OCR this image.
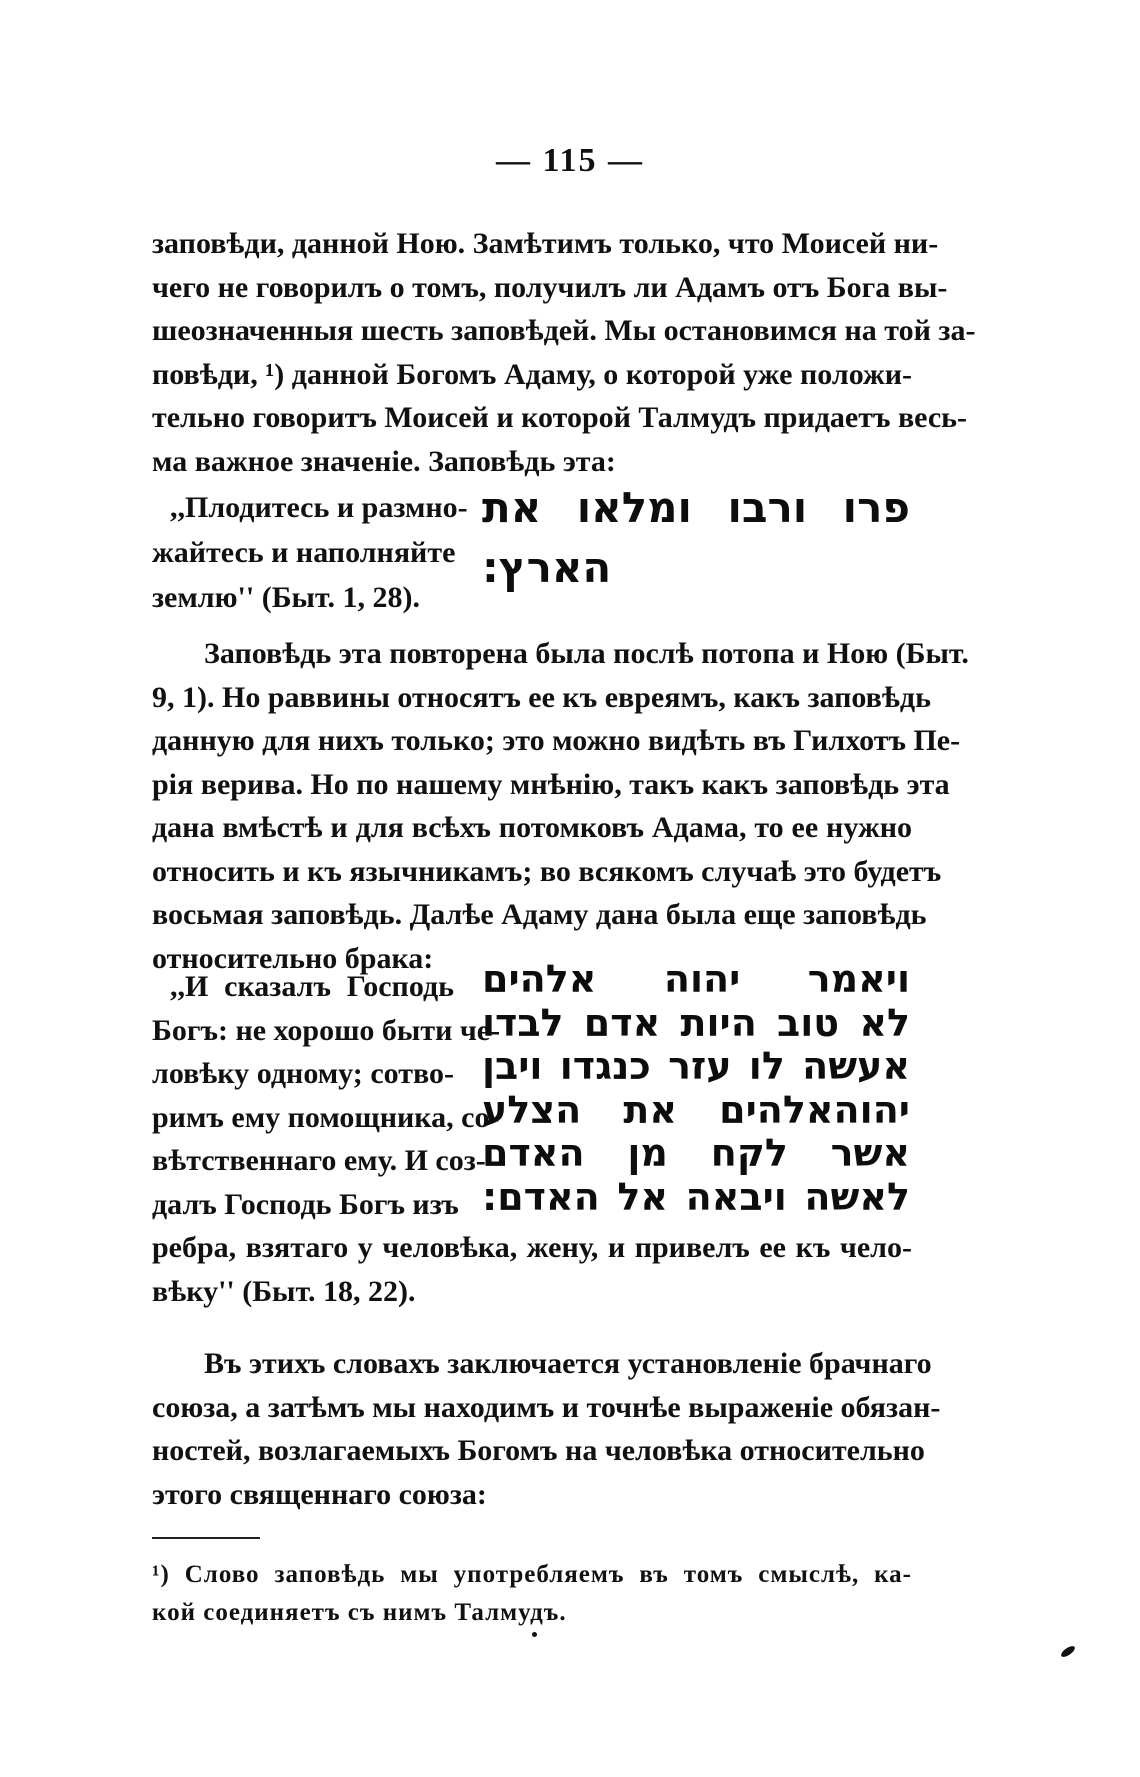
— 115 —
заповѣди, данной Ною. Замѣтимъ только, что Моисей ни-
чего не говорилъ о томъ, получилъ ли Адамъ отъ Бога вы-
шеозначенныя шесть заповѣдей. Мы остановимся на той за-
повѣди, ¹) данной Богомъ Адаму, о которой уже положи-
тельно говоритъ Моисей и которой Талмудъ придаетъ весь-
ма важное значеніе. Заповѣдь эта:
,,Плодитесь и размно-
жайтесь и наполняйте
землю'' (Быт. 1, 28).
פרו ורבו ומלאו את
הארץ:
Заповѣдь эта повторена была послѣ потопа и Ною (Быт.
9, 1). Но раввины относятъ ее къ евреямъ, какъ заповѣдь
данную для нихъ только; это можно видѣть въ Гилхотъ Пе-
рія верива. Но по нашему мнѣнію, такъ какъ заповѣдь эта
дана вмѣстѣ и для всѣхъ потомковъ Адама, то ее нужно
относить и къ язычникамъ; во всякомъ случаѣ это будетъ
восьмая заповѣдь. Далѣе Адаму дана была еще заповѣдь
относительно брака:
,,И сказалъ Господь
Богъ: не хорошо быти че-
ловѣку одному; сотво-
римъ ему помощника, со-
вѣтственнаго ему. И соз-
далъ Господь Богъ изъ
ויאמר יהוה אלהים
לא טוב היות אדם לבדו
אעשה לו עזר כנגדו ויבן
יהוהאלהים את הצלע
אשר לקח מן האדם
לאשה ויבאה אל האדם:
ребра, взятаго у человѣка, жену, и привелъ ее къ чело-
вѣку'' (Быт. 18, 22).
Въ этихъ словахъ заключается установленіе брачнаго
союза, а затѣмъ мы находимъ и точнѣе выраженіе обязан-
ностей, возлагаемыхъ Богомъ на человѣка относительно
этого священнаго союза:
¹) Слово заповѣдь мы употребляемъ въ томъ смыслѣ, ка-
кой соединяетъ съ нимъ Талмудъ.
